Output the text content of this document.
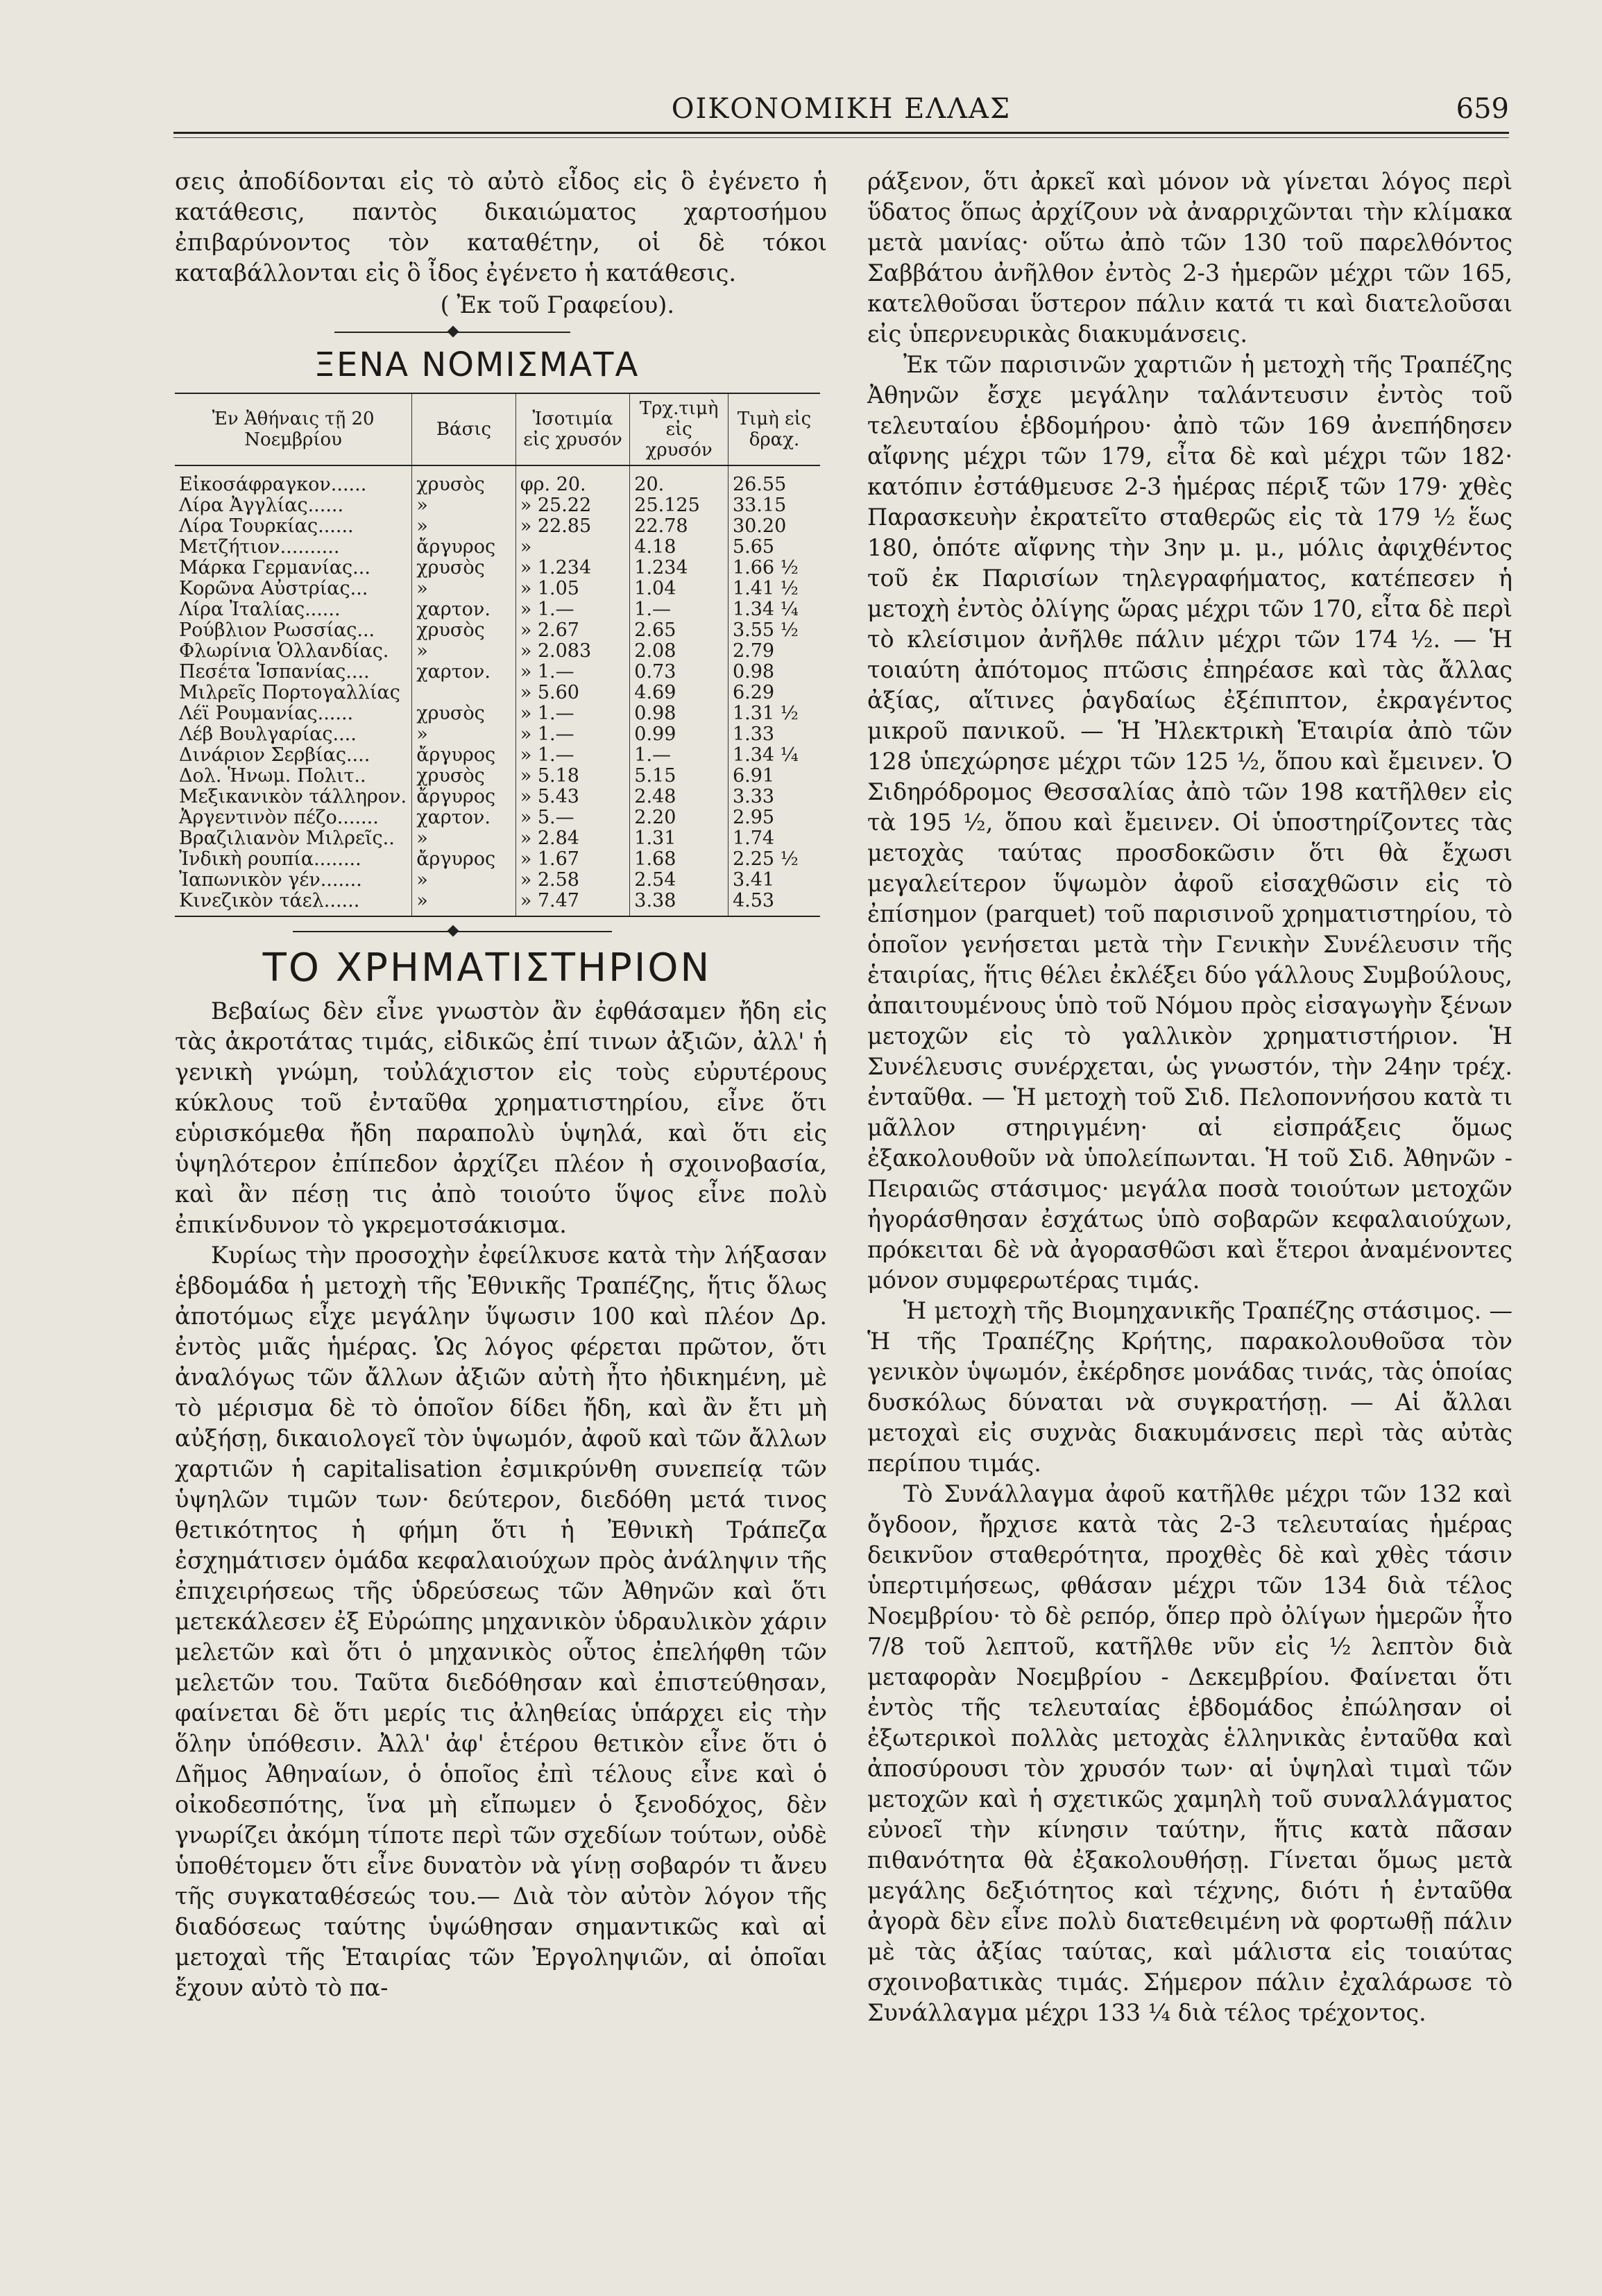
ΟΙΚΟΝΟΜΙΚΗ ΕΛΛΑΣ	659

σεις ἀποδίδονται εἰς τὸ αὐτὸ εἶδος εἰς ὃ ἐγένετο ἡ κατάθεσις, παντὸς δικαιώματος χαρτοσήμου ἐπιβαρύνοντος τὸν καταθέτην, οἱ δὲ τόκοι καταβάλλονται εἰς ὃ ἶδος ἐγένετο ἡ κατάθεσις.

( Ἐκ τοῦ Γραφείου).
ΞΕΝΑ ΝΟΜΙΣΜΑΤΑ
Ἐν Ἀθήναις τῇ 20 Νοεμβρίου	Βάσις	Ἰσοτιμία εἰς χρυσόν	Τρχ.τιμὴ εἰς χρυσόν	Τιμὴ εἰς δραχ.
Εἰκοσάφραγκον......	χρυσὸς	φρ. 20.	20.	26.55
Λίρα Ἀγγλίας......	»	» 25.22	25.125	33.15
Λίρα Τουρκίας......	»	» 22.85	22.78	30.20
Μετζήτιον..........	ἄργυρος	»	4.18	5.65
Μάρκα Γερμανίας...	χρυσὸς	» 1.234	1.234	1.66 ½
Κορῶνα Αὐστρίας...	»	» 1.05	1.04	1.41 ½
Λίρα Ἰταλίας......	χαρτον.	» 1.—	1.—	1.34 ¼
Ρούβλιον Ρωσσίας...	χρυσὸς	» 2.67	2.65	3.55 ½
Φλωρίνια Ὁλλανδίας.	»	» 2.083	2.08	2.79
Πεσέτα Ἱσπανίας....	χαρτον.	» 1.—	0.73	0.98
Μιλρεῖς Πορτογαλλίας		» 5.60	4.69	6.29
Λέϊ Ρουμανίας......	χρυσὸς	» 1.—	0.98	1.31 ½
Λέβ Βουλγαρίας....	»	» 1.—	0.99	1.33
Δινάριον Σερβίας....	ἄργυρος	» 1.—	1.—	1.34 ¼
Δολ. Ἡνωμ. Πολιτ..	χρυσὸς	» 5.18	5.15	6.91
Μεξικανικὸν τάλληρον.	ἄργυρος	» 5.43	2.48	3.33
Ἀργεντινὸν πέζο.......	χαρτον.	» 5.—	2.20	2.95
Βραζιλιανὸν Μιλρεῖς..	»	» 2.84	1.31	1.74
Ἰνδικὴ ρουπία........	ἄργυρος	» 1.67	1.68	2.25 ½
Ἰαπωνικὸν γέν.......	»	» 2.58	2.54	3.41
Κινεζικὸν τάελ......	»	» 7.47	3.38	4.53
ΤΟ ΧΡΗΜΑΤΙΣΤΗΡΙΟΝ

Βεβαίως δὲν εἶνε γνωστὸν ἂν ἐφθάσαμεν ἤδη εἰς τὰς ἀκροτάτας τιμάς, εἰδικῶς ἐπί τινων ἀξιῶν, ἀλλ' ἡ γενικὴ γνώμη, τοὐλάχιστον εἰς τοὺς εὐρυτέρους κύκλους τοῦ ἐνταῦθα χρηματιστηρίου, εἶνε ὅτι εὑρισκόμεθα ἤδη παραπολὺ ὑψηλά, καὶ ὅτι εἰς ὑψηλότερον ἐπίπεδον ἀρχίζει πλέον ἡ σχοινοβασία, καὶ ἂν πέσῃ τις ἀπὸ τοιούτο ὕψος εἶνε πολὺ ἐπικίνδυνον τὸ γκρεμοτσάκισμα.

Κυρίως τὴν προσοχὴν ἐφείλκυσε κατὰ τὴν λήξασαν ἑβδομάδα ἡ μετοχὴ τῆς Ἐθνικῆς Τραπέζης, ἥτις ὅλως ἀποτόμως εἶχε μεγάλην ὕψωσιν 100 καὶ πλέον Δρ. ἐντὸς μιᾶς ἡμέρας. Ὡς λόγος φέρεται πρῶτον, ὅτι ἀναλόγως τῶν ἄλλων ἀξιῶν αὐτὴ ἦτο ἠδικημένη, μὲ τὸ μέρισμα δὲ τὸ ὁποῖον δίδει ἤδη, καὶ ἂν ἔτι μὴ αὐξήσῃ, δικαιολογεῖ τὸν ὑψωμόν, ἀφοῦ καὶ τῶν ἄλλων χαρτιῶν ἡ capitalisation ἐσμικρύνθη συνεπείᾳ τῶν ὑψηλῶν τιμῶν των· δεύτερον, διεδόθη μετά τινος θετικότητος ἡ φήμη ὅτι ἡ Ἐθνικὴ Τράπεζα ἐσχημάτισεν ὁμάδα κεφαλαιούχων πρὸς ἀνάληψιν τῆς ἐπιχειρήσεως τῆς ὑδρεύσεως τῶν Ἀθηνῶν καὶ ὅτι μετεκάλεσεν ἐξ Εὐρώπης μηχανικὸν ὑδραυλικὸν χάριν μελετῶν καὶ ὅτι ὁ μηχανικὸς οὗτος ἐπελήφθη τῶν μελετῶν του. Ταῦτα διεδόθησαν καὶ ἐπιστεύθησαν, φαίνεται δὲ ὅτι μερίς τις ἀληθείας ὑπάρχει εἰς τὴν ὅλην ὑπόθεσιν. Ἀλλ' ἀφ' ἑτέρου θετικὸν εἶνε ὅτι ὁ Δῆμος Ἀθηναίων, ὁ ὁποῖος ἐπὶ τέλους εἶνε καὶ ὁ οἰκοδεσπότης, ἵνα μὴ εἴπωμεν ὁ ξενοδόχος, δὲν γνωρίζει ἀκόμη τίποτε περὶ τῶν σχεδίων τούτων, οὐδὲ ὑποθέτομεν ὅτι εἶνε δυνατὸν νὰ γίνῃ σοβαρόν τι ἄνευ τῆς συγκαταθέσεώς του.— Διὰ τὸν αὐτὸν λόγον τῆς διαδόσεως ταύτης ὑψώθησαν σημαντικῶς καὶ αἱ μετοχαὶ τῆς Ἑταιρίας τῶν Ἐργοληψιῶν, αἱ ὁποῖαι ἔχουν αὐτὸ τὸ πα-

ράξενον, ὅτι ἀρκεῖ καὶ μόνον νὰ γίνεται λόγος περὶ ὕδατος ὅπως ἀρχίζουν νὰ ἀναρριχῶνται τὴν κλίμακα μετὰ μανίας· οὕτω ἀπὸ τῶν 130 τοῦ παρελθόντος Σαββάτου ἀνῆλθον ἐντὸς 2-3 ἡμερῶν μέχρι τῶν 165, κατελθοῦσαι ὕστερον πάλιν κατά τι καὶ διατελοῦσαι εἰς ὑπερνευρικὰς διακυμάνσεις.

Ἐκ τῶν παρισινῶν χαρτιῶν ἡ μετοχὴ τῆς Τραπέζης Ἀθηνῶν ἔσχε μεγάλην ταλάντευσιν ἐντὸς τοῦ τελευταίου ἑβδομήρου· ἀπὸ τῶν 169 ἀνεπήδησεν αἴφνης μέχρι τῶν 179, εἶτα δὲ καὶ μέχρι τῶν 182· κατόπιν ἐστάθμευσε 2-3 ἡμέρας πέριξ τῶν 179· χθὲς Παρασκευὴν ἐκρατεῖτο σταθερῶς εἰς τὰ 179 ½ ἕως 180, ὁπότε αἴφνης τὴν 3ην μ. μ., μόλις ἀφιχθέντος τοῦ ἐκ Παρισίων τηλεγραφήματος, κατέπεσεν ἡ μετοχὴ ἐντὸς ὀλίγης ὥρας μέχρι τῶν 170, εἶτα δὲ περὶ τὸ κλείσιμον ἀνῆλθε πάλιν μέχρι τῶν 174 ½. — Ἡ τοιαύτη ἀπότομος πτῶσις ἐπηρέασε καὶ τὰς ἄλλας ἀξίας, αἵτινες ῥαγδαίως ἐξέπιπτον, ἐκραγέντος μικροῦ πανικοῦ. — Ἡ Ἠλεκτρικὴ Ἑταιρία ἀπὸ τῶν 128 ὑπεχώρησε μέχρι τῶν 125 ½, ὅπου καὶ ἔμεινεν. Ὁ Σιδηρόδρομος Θεσσαλίας ἀπὸ τῶν 198 κατῆλθεν εἰς τὰ 195 ½, ὅπου καὶ ἔμεινεν. Οἱ ὑποστηρίζοντες τὰς μετοχὰς ταύτας προσδοκῶσιν ὅτι θὰ ἔχωσι μεγαλείτερον ὕψωμὸν ἀφοῦ εἰσαχθῶσιν εἰς τὸ ἐπίσημον (parquet) τοῦ παρισινοῦ χρηματιστηρίου, τὸ ὁποῖον γενήσεται μετὰ τὴν Γενικὴν Συνέλευσιν τῆς ἑταιρίας, ἥτις θέλει ἐκλέξει δύο γάλλους Συμβούλους, ἀπαιτουμένους ὑπὸ τοῦ Νόμου πρὸς εἰσαγωγὴν ξένων μετοχῶν εἰς τὸ γαλλικὸν χρηματιστήριον. Ἡ Συνέλευσις συνέρχεται, ὡς γνωστόν, τὴν 24ην τρέχ. ἐνταῦθα. — Ἡ μετοχὴ τοῦ Σιδ. Πελοποννήσου κατὰ τι μᾶλλον στηριγμένη· αἱ εἰσπράξεις ὅμως ἐξακολουθοῦν νὰ ὑπολείπωνται. Ἡ τοῦ Σιδ. Ἀθηνῶν - Πειραιῶς στάσιμος· μεγάλα ποσὰ τοιούτων μετοχῶν ἠγοράσθησαν ἐσχάτως ὑπὸ σοβαρῶν κεφαλαιούχων, πρόκειται δὲ νὰ ἀγορασθῶσι καὶ ἕτεροι ἀναμένοντες μόνον συμφερωτέρας τιμάς.

Ἡ μετοχὴ τῆς Βιομηχανικῆς Τραπέζης στάσιμος. — Ἡ τῆς Τραπέζης Κρήτης, παρακολουθοῦσα τὸν γενικὸν ὑψωμόν, ἐκέρδησε μονάδας τινάς, τὰς ὁποίας δυσκόλως δύναται νὰ συγκρατήσῃ. — Αἱ ἄλλαι μετοχαὶ εἰς συχνὰς διακυμάνσεις περὶ τὰς αὐτὰς περίπου τιμάς.

Τὸ Συνάλλαγμα ἀφοῦ κατῆλθε μέχρι τῶν 132 καὶ ὄγδοον, ἤρχισε κατὰ τὰς 2-3 τελευταίας ἡμέρας δεικνῦον σταθερότητα, προχθὲς δὲ καὶ χθὲς τάσιν ὑπερτιμήσεως, φθάσαν μέχρι τῶν 134 διὰ τέλος Νοεμβρίου· τὸ δὲ ρεπόρ, ὅπερ πρὸ ὀλίγων ἡμερῶν ἦτο 7/8 τοῦ λεπτοῦ, κατῆλθε νῦν εἰς ½ λεπτὸν διὰ μεταφορὰν Νοεμβρίου - Δεκεμβρίου. Φαίνεται ὅτι ἐντὸς τῆς τελευταίας ἑβδομάδος ἐπώλησαν οἱ ἐξωτερικοὶ πολλὰς μετοχὰς ἑλληνικὰς ἐνταῦθα καὶ ἀποσύρουσι τὸν χρυσόν των· αἱ ὑψηλαὶ τιμαὶ τῶν μετοχῶν καὶ ἡ σχετικῶς χαμηλὴ τοῦ συναλλάγματος εὐνοεῖ τὴν κίνησιν ταύτην, ἥτις κατὰ πᾶσαν πιθανότητα θὰ ἐξακολουθήσῃ. Γίνεται ὅμως μετὰ μεγάλης δεξιότητος καὶ τέχνης, διότι ἡ ἐνταῦθα ἀγορὰ δὲν εἶνε πολὺ διατεθειμένη νὰ φορτωθῇ πάλιν μὲ τὰς ἀξίας ταύτας, καὶ μάλιστα εἰς τοιαύτας σχοινοβατικὰς τιμάς. Σήμερον πάλιν ἐχαλάρωσε τὸ Συνάλλαγμα μέχρι 133 ¼ διὰ τέλος τρέχοντος.
